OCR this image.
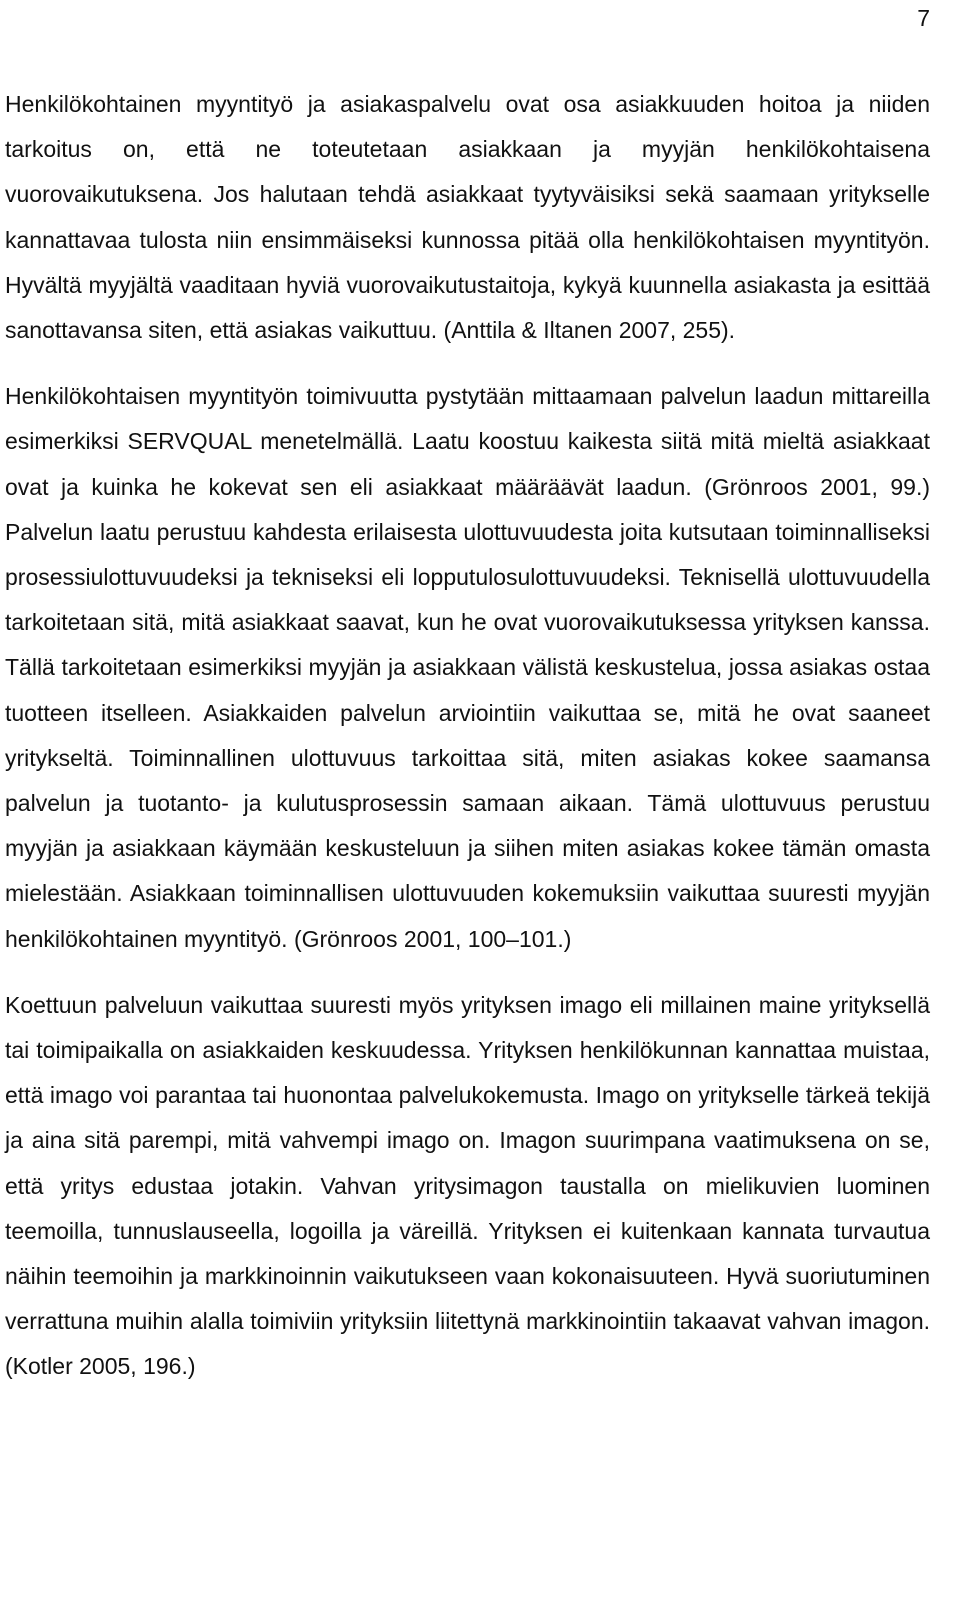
7

Henkilökohtainen myyntityö ja asiakaspalvelu ovat osa asiakkuuden hoitoa ja niiden tarkoitus on, että ne toteutetaan asiakkaan ja myyjän henkilökohtaisena vuorovaikutuksena. Jos halutaan tehdä asiakkaat tyytyväisiksi sekä saamaan yritykselle kannattavaa tulosta niin ensimmäiseksi kunnossa pitää olla henkilökohtaisen myyntityön. Hyvältä myyjältä vaaditaan hyviä vuorovaikutustaitoja, kykyä kuunnella asiakasta ja esittää sanottavansa siten, että asiakas vaikuttuu. (Anttila & Iltanen 2007, 255).

Henkilökohtaisen myyntityön toimivuutta pystytään mittaamaan palvelun laadun mittareilla esimerkiksi SERVQUAL menetelmällä. Laatu koostuu kaikesta siitä mitä mieltä asiakkaat ovat ja kuinka he kokevat sen eli asiakkaat määräävät laadun. (Grönroos 2001, 99.) Palvelun laatu perustuu kahdesta erilaisesta ulottuvuudesta joita kutsutaan toiminnalliseksi prosessiulottuvuudeksi ja tekniseksi eli lopputulosulottuvuudeksi. Teknisellä ulottuvuudella tarkoitetaan sitä, mitä asiakkaat saavat, kun he ovat vuorovaikutuksessa yrityksen kanssa. Tällä tarkoitetaan esimerkiksi myyjän ja asiakkaan välistä keskustelua, jossa asiakas ostaa tuotteen itselleen. Asiakkaiden palvelun arviointiin vaikuttaa se, mitä he ovat saaneet yritykseltä. Toiminnallinen ulottuvuus tarkoittaa sitä, miten asiakas kokee saamansa palvelun ja tuotanto- ja kulutusprosessin samaan aikaan. Tämä ulottuvuus perustuu myyjän ja asiakkaan käymään keskusteluun ja siihen miten asiakas kokee tämän omasta mielestään. Asiakkaan toiminnallisen ulottuvuuden kokemuksiin vaikuttaa suuresti myyjän henkilökohtainen myyntityö. (Grönroos 2001, 100–101.)

Koettuun palveluun vaikuttaa suuresti myös yrityksen imago eli millainen maine yrityksellä tai toimipaikalla on asiakkaiden keskuudessa. Yrityksen henkilökunnan kannattaa muistaa, että imago voi parantaa tai huonontaa palvelukokemusta. Imago on yritykselle tärkeä tekijä ja aina sitä parempi, mitä vahvempi imago on. Imagon suurimpana vaatimuksena on se, että yritys edustaa jotakin. Vahvan yritysimagon taustalla on mielikuvien luominen teemoilla, tunnuslauseella, logoilla ja väreillä. Yrityksen ei kuitenkaan kannata turvautua näihin teemoihin ja markkinoinnin vaikutukseen vaan kokonaisuuteen. Hyvä suoriutuminen verrattuna muihin alalla toimiviin yrityksiin liitettynä markkinointiin takaavat vahvan imagon. (Kotler 2005, 196.)
